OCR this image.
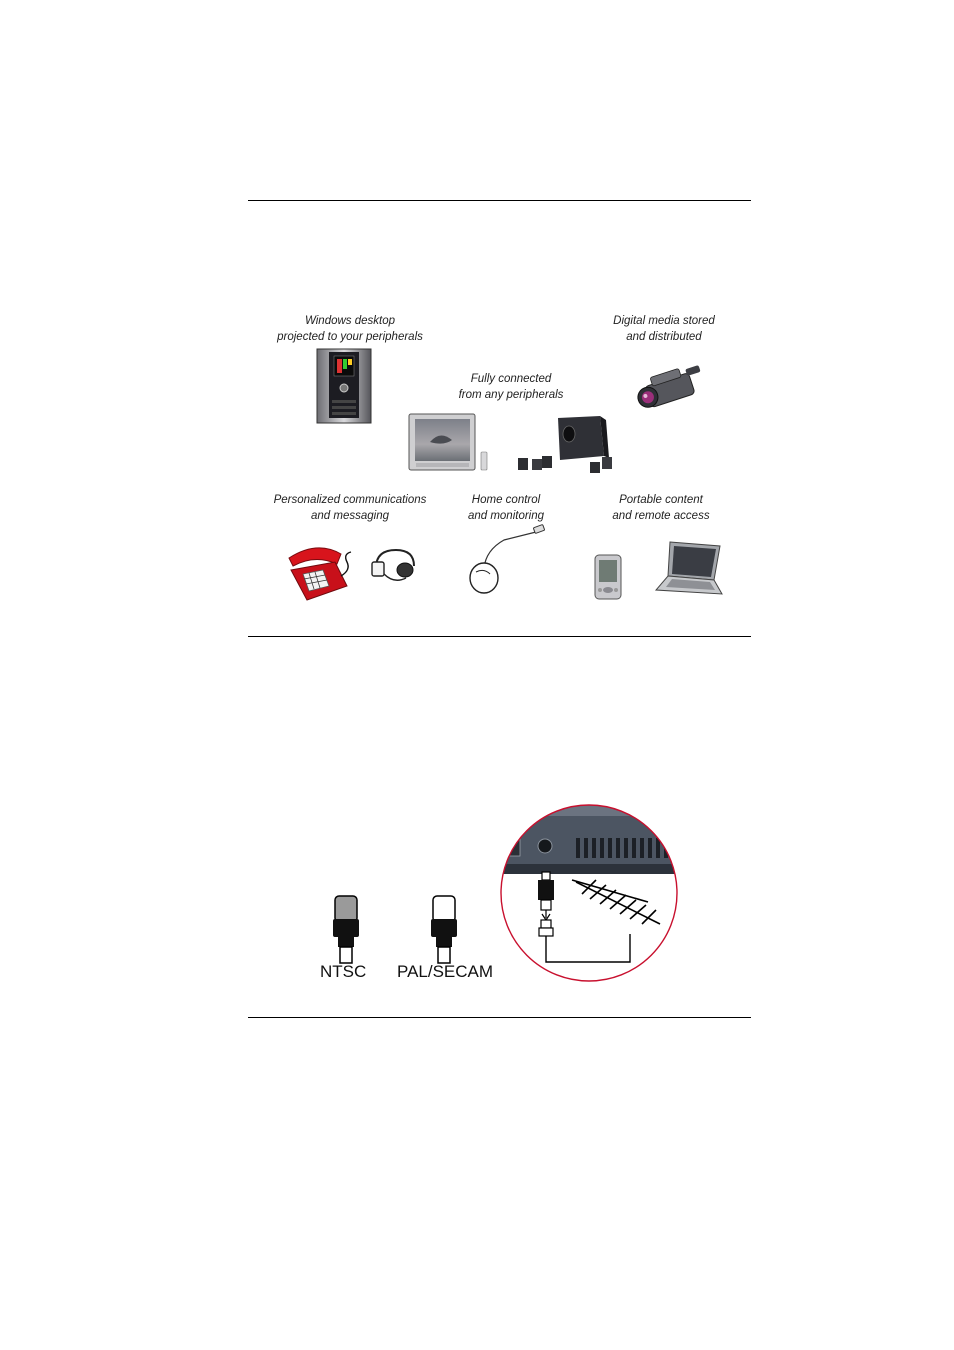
Windows desktop
projected to your peripherals
Digital media stored
and distributed
Fully connected
from any peripherals
Personalized communications
and messaging
Home control
and monitoring
Portable content
and remote access
NTSC PAL/SECAM
